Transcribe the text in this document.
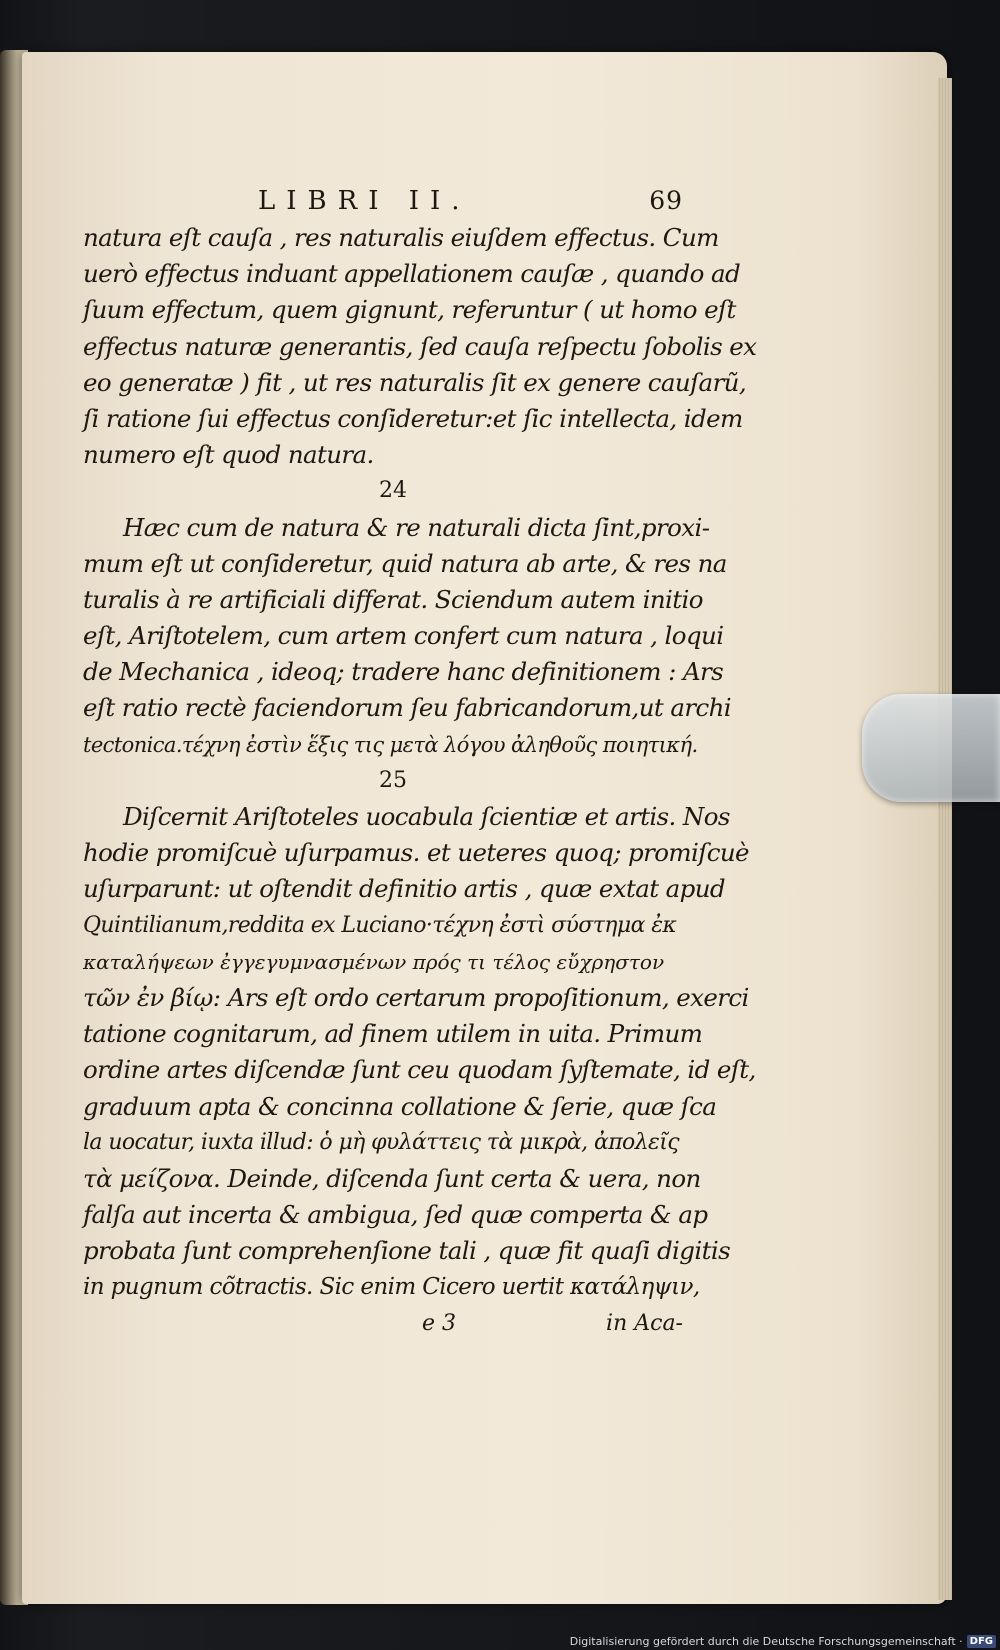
LIBRI II.	69
natura eſt cauſa , res naturalis eiuſdem effectus. Cum
uerò effectus induant appellationem cauſæ , quando ad
ſuum effectum, quem gignunt, referuntur ( ut homo eſt
effectus naturæ generantis, ſed cauſa reſpectu ſobolis ex
eo generatæ ) fit , ut res naturalis ſit ex genere cauſarũ,
ſi ratione ſui effectus conſideretur:et ſic intellecta, idem
numero eſt quod natura.
24
Hæc cum de natura & re naturali dicta ſint,proxi-
mum eſt ut conſideretur, quid natura ab arte, & res na
turalis à re artificiali differat. Sciendum autem initio
eſt, Ariſtotelem, cum artem confert cum natura , loqui
de Mechanica , ideoq; tradere hanc definitionem : Ars
eſt ratio rectè faciendorum ſeu fabricandorum,ut archi
tectonica.τέχνη ἐστὶν ἕξις τις μετὰ λόγου ἀληθοῦς ποιητική.
25
Diſcernit Ariſtoteles uocabula ſcientiæ et artis. Nos
hodie promiſcuè uſurpamus. et ueteres quoq; promiſcuè
uſurparunt: ut oſtendit definitio artis , quæ extat apud
Quintilianum,reddita ex Luciano·τέχνη ἐστὶ σύστημα ἐκ
καταλήψεων ἐγγεγυμνασμένων πρός τι τέλος εὔχρηστον
τῶν ἐν βίῳ: Ars eſt ordo certarum propoſitionum, exerci
tatione cognitarum, ad finem utilem in uita. Primum
ordine artes diſcendæ ſunt ceu quodam ſyſtemate, id eſt,
graduum apta & concinna collatione & ſerie, quæ ſca
la uocatur, iuxta illud: ὁ μὴ φυλάττεις τὰ μικρὰ, ἀπολεῖς
τὰ μείζονα. Deinde, diſcenda ſunt certa & uera, non
falſa aut incerta & ambigua, ſed quæ comperta & ap
probata ſunt comprehenſione tali , quæ fit quaſi digitis
in pugnum cõtractis. Sic enim Cicero uertit κατάληψιν,
e 3	in Aca-
Digitalisierung gefördert durch die Deutsche Forschungsgemeinschaft · DFG
